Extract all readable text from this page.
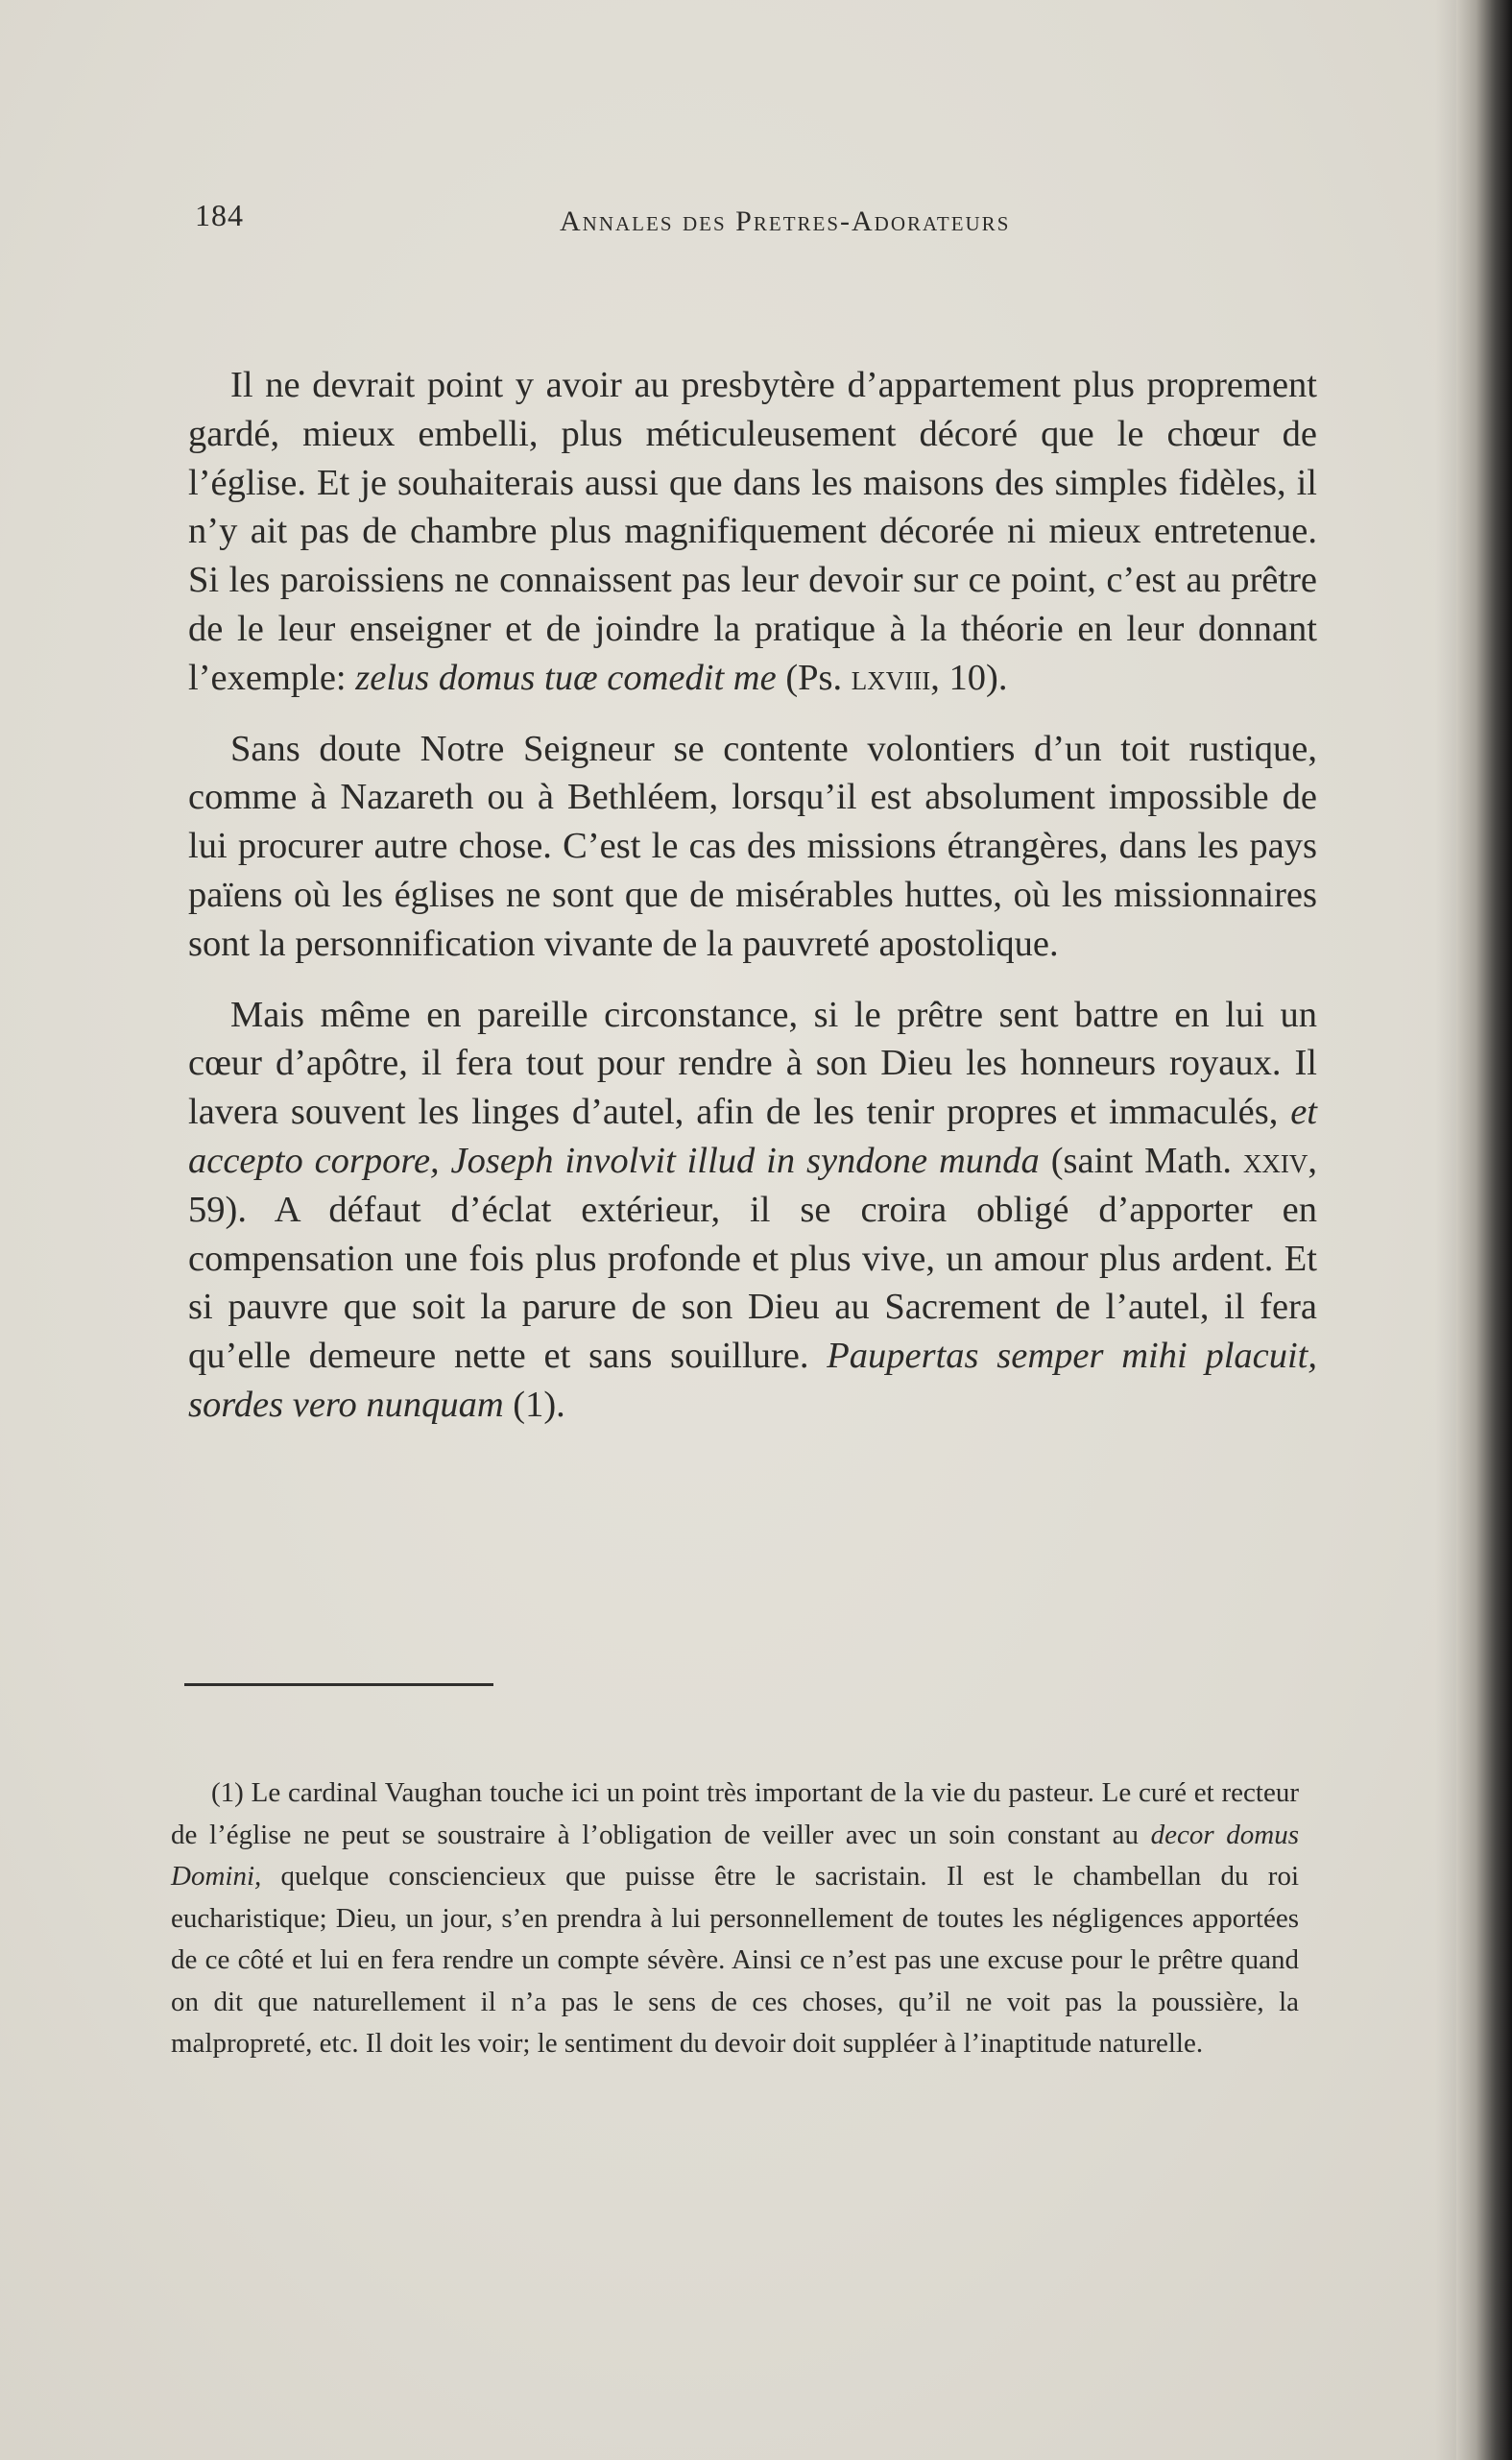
184	Annales des Pretres-Adorateurs

Il ne devrait point y avoir au presbytère d’appartement plus proprement gardé, mieux embelli, plus méticuleusement décoré que le chœur de l’église. Et je souhaiterais aussi que dans les maisons des simples fidèles, il n’y ait pas de chambre plus magnifiquement décorée ni mieux entretenue. Si les paroissiens ne connaissent pas leur devoir sur ce point, c’est au prêtre de le leur enseigner et de joindre la pratique à la théorie en leur donnant l’exemple: zelus domus tuæ comedit me (Ps. lxviii, 10).

Sans doute Notre Seigneur se contente volontiers d’un toit rustique, comme à Nazareth ou à Bethléem, lorsqu’il est absolument impossible de lui procurer autre chose. C’est le cas des missions étrangères, dans les pays païens où les églises ne sont que de misérables huttes, où les missionnaires sont la personnification vivante de la pauvreté apostolique.

Mais même en pareille circonstance, si le prêtre sent battre en lui un cœur d’apôtre, il fera tout pour rendre à son Dieu les honneurs royaux. Il lavera souvent les linges d’autel, afin de les tenir propres et immaculés, et accepto corpore, Joseph involvit illud in syndone munda (saint Math. xxiv, 59). A défaut d’éclat extérieur, il se croira obligé d’apporter en compensation une fois plus profonde et plus vive, un amour plus ardent. Et si pauvre que soit la parure de son Dieu au Sacrement de l’autel, il fera qu’elle demeure nette et sans souillure. Paupertas semper mihi placuit, sordes vero nunquam (1).

(1) Le cardinal Vaughan touche ici un point très important de la vie du pasteur. Le curé et recteur de l’église ne peut se soustraire à l’obligation de veiller avec un soin constant au decor domus Domini, quelque consciencieux que puisse être le sacristain. Il est le chambellan du roi eucharistique; Dieu, un jour, s’en prendra à lui personnellement de toutes les négligences apportées de ce côté et lui en fera rendre un compte sévère. Ainsi ce n’est pas une excuse pour le prêtre quand on dit que naturellement il n’a pas le sens de ces choses, qu’il ne voit pas la poussière, la malpropreté, etc. Il doit les voir; le sentiment du devoir doit suppléer à l’inaptitude naturelle.
